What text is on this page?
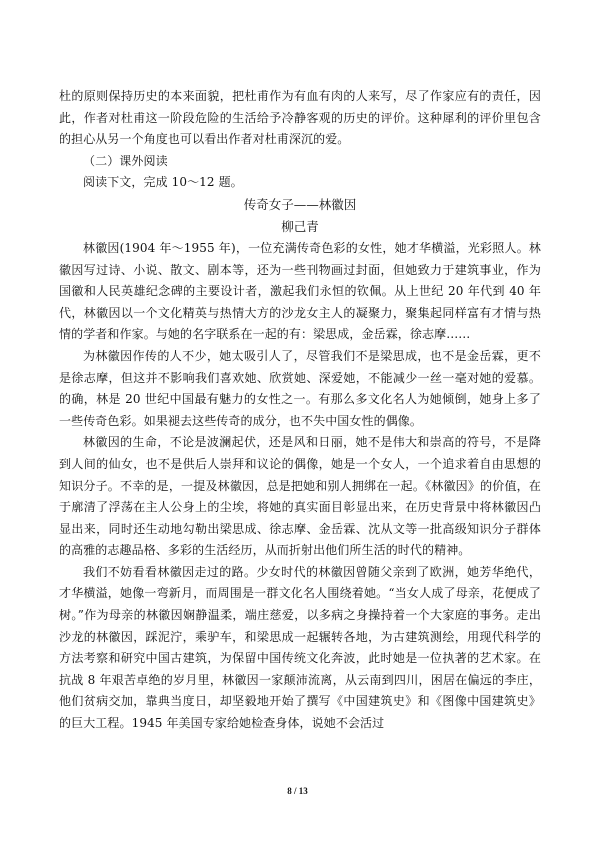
杜的原则保持历史的本来面貌，把杜甫作为有血有肉的人来写，尽了作家应有的责任，因此，作者对杜甫这一阶段危险的生活给予冷静客观的历史的评价。这种犀利的评价里包含的担心从另一个角度也可以看出作者对杜甫深沉的爱。

（二）课外阅读

阅读下文，完成 10～12 题。

传奇女子——林徽因
柳己青

林徽因(1904 年～1955 年)，一位充满传奇色彩的女性，她才华横溢，光彩照人。林徽因写过诗、小说、散文、剧本等，还为一些刊物画过封面，但她致力于建筑事业，作为国徽和人民英雄纪念碑的主要设计者，激起我们永恒的钦佩。从上世纪 20 年代到 40 年代，林徽因以一个文化精英与热情大方的沙龙女主人的凝聚力，聚集起同样富有才情与热情的学者和作家。与她的名字联系在一起的有：梁思成，金岳霖，徐志摩……

为林徽因作传的人不少，她太吸引人了，尽管我们不是梁思成，也不是金岳霖，更不是徐志摩，但这并不影响我们喜欢她、欣赏她、深爱她，不能减少一丝一毫对她的爱慕。的确，林是 20 世纪中国最有魅力的女性之一。有那么多文化名人为她倾倒，她身上多了一些传奇色彩。如果褪去这些传奇的成分，也不失中国女性的偶像。

林徽因的生命，不论是波澜起伏，还是风和日丽，她不是伟大和崇高的符号，不是降到人间的仙女，也不是供后人崇拜和议论的偶像，她是一个女人，一个追求着自由思想的知识分子。不幸的是，一提及林徽因，总是把她和别人拥绑在一起。《林徽因》的价值，在于廓清了浮荡在主人公身上的尘埃，将她的真实面目彰显出来，在历史背景中将林徽因凸显出来，同时还生动地勾勒出梁思成、徐志摩、金岳霖、沈从文等一批高级知识分子群体的高雅的志趣品格、多彩的生活经历，从而折射出他们所生活的时代的精神。

我们不妨看看林徽因走过的路。少女时代的林徽因曾随父亲到了欧洲，她芳华绝代，才华横溢，她像一弯新月，而周围是一群文化名人围绕着她。“当女人成了母亲，花便成了树。”作为母亲的林徽因娴静温柔，端庄慈爱，以多病之身操持着一个大家庭的事务。走出沙龙的林徽因，踩泥泞，乘驴车，和梁思成一起辗转各地，为古建筑测绘，用现代科学的方法考察和研究中国古建筑，为保留中国传统文化奔波，此时她是一位执著的艺术家。在抗战 8 年艰苦卓绝的岁月里，林徽因一家颠沛流离，从云南到四川，困居在偏远的李庄，他们贫病交加，靠典当度日，却坚毅地开始了撰写《中国建筑史》和《图像中国建筑史》的巨大工程。1945 年美国专家给她检查身体，说她不会活过

8 / 13
